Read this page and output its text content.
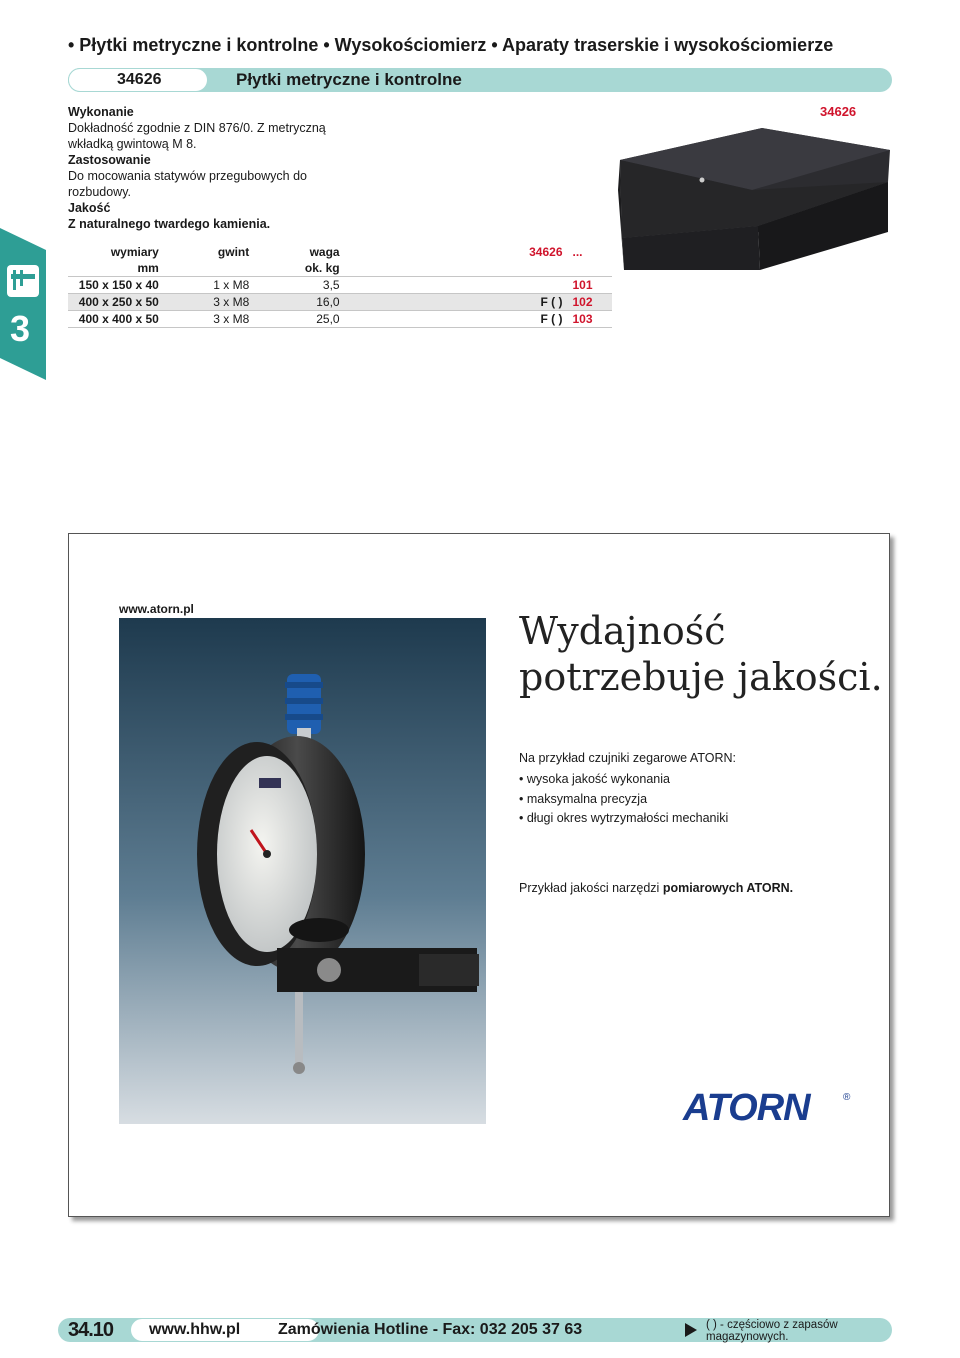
• Płytki metryczne i kontrolne • Wysokościomierz • Aparaty traserskie i wysokościomierze
34626	Płytki metryczne i kontrolne
Wykonanie
Dokładność zgodnie z DIN 876/0. Z metryczną wkładką gwintową M 8.
Zastosowanie
Do mocowania statywów przegubowych do rozbudowy.
Jakość
Z naturalnego twardego kamienia.
34626
3
wymiary	gwint	waga	34626	...
mm		ok. kg		
150 x 150 x 40	1 x M8	3,5		101
400 x 250 x 50	3 x M8	16,0	F ( )	102
400 x 400 x 50	3 x M8	25,0	F ( )	103
www.atorn.pl	Wydajność
potrzebuje jakości.
Na przykład czujniki zegarowe ATORN:
• wysoka jakość wykonania
• maksymalna precyzja
• długi okres wytrzymałości mechaniki
Przykład jakości narzędzi pomiarowych ATORN.
ATORN	®
34.10	www.hhw.pl	Zamówienia Hotline - Fax: 032 205 37 63	( ) - częściowo z zapasów magazynowych.
